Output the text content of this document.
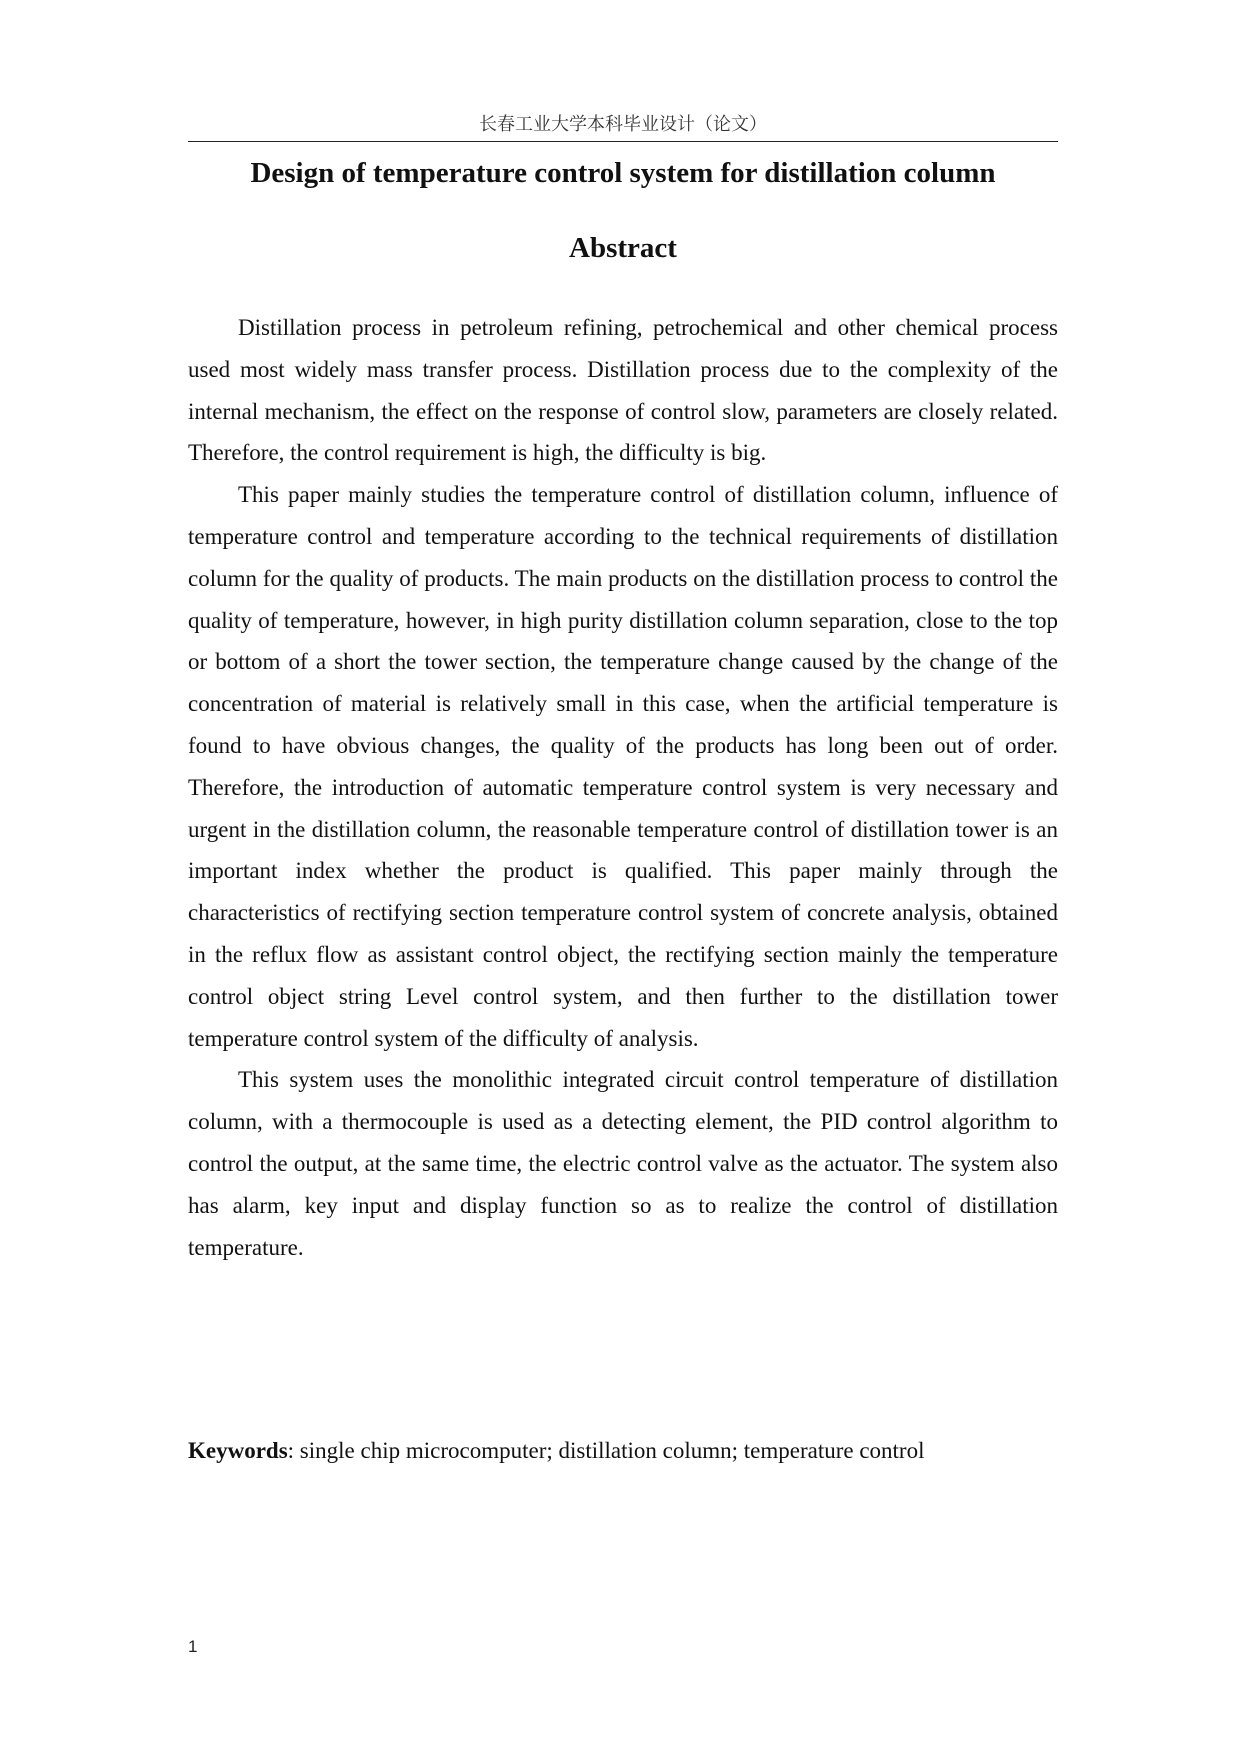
长春工业大学本科毕业设计（论文）
Design of temperature control system for distillation column
Abstract

Distillation process in petroleum refining, petrochemical and other chemical process used most widely mass transfer process. Distillation process due to the complexity of the internal mechanism, the effect on the response of control slow, parameters are closely related. Therefore, the control requirement is high, the difficulty is big.

This paper mainly studies the temperature control of distillation column, influence of temperature control and temperature according to the technical requirements of distillation column for the quality of products. The main products on the distillation process to control the quality of temperature, however, in high purity distillation column separation, close to the top or bottom of a short the tower section, the temperature change caused by the change of the concentration of material is relatively small in this case, when the artificial temperature is found to have obvious changes, the quality of the products has long been out of order. Therefore, the introduction of automatic temperature control system is very necessary and urgent in the distillation column, the reasonable temperature control of distillation tower is an important index whether the product is qualified. This paper mainly through the characteristics of rectifying section temperature control system of concrete analysis, obtained in the reflux flow as assistant control object, the rectifying section mainly the temperature control object string Level control system, and then further to the distillation tower temperature control system of the difficulty of analysis.

This system uses the monolithic integrated circuit control temperature of distillation column, with a thermocouple is used as a detecting element, the PID control algorithm to control the output, at the same time, the electric control valve as the actuator. The system also has alarm, key input and display function so as to realize the control of distillation temperature.

Keywords: single chip microcomputer; distillation column; temperature control

1
